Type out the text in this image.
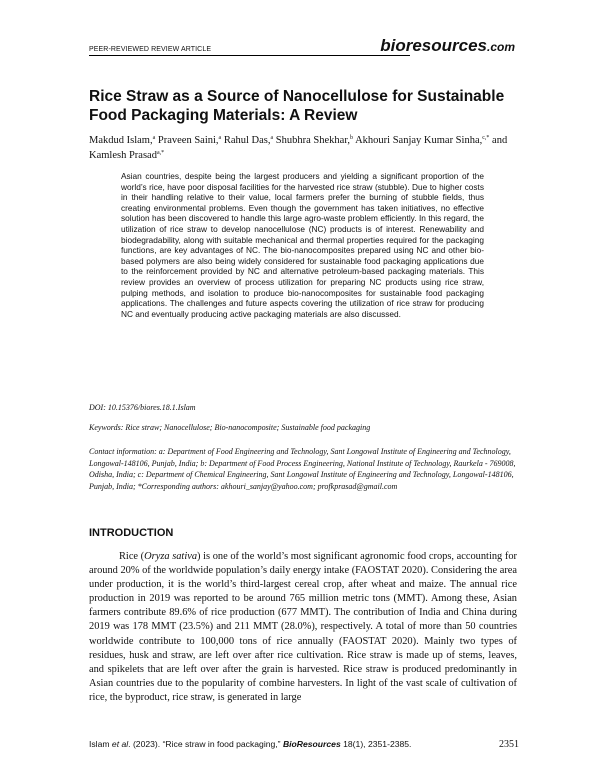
PEER-REVIEWED REVIEW ARTICLE	bioresources.com
Rice Straw as a Source of Nanocellulose for Sustainable Food Packaging Materials: A Review

Makdud Islam,$^a$ Praveen Saini,$^a$ Rahul Das,$^a$ Shubhra Shekhar,$^b$ Akhouri Sanjay Kumar Sinha,$^{c,*}$ and Kamlesh Prasad$^{a,*}$

Asian countries, despite being the largest producers and yielding a significant proportion of the world’s rice, have poor disposal facilities for the harvested rice straw (stubble). Due to higher costs in their handling relative to their value, local farmers prefer the burning of stubble fields, thus creating environmental problems. Even though the government has taken initiatives, no effective solution has been discovered to handle this large agro-waste problem efficiently. In this regard, the utilization of rice straw to develop nanocellulose (NC) products is of interest. Renewability and biodegradability, along with suitable mechanical and thermal properties required for the packaging functions, are key advantages of NC. The bio-nanocomposites prepared using NC and other bio-based polymers are also being widely considered for sustainable food packaging applications due to the reinforcement provided by NC and alternative petroleum-based packaging materials. This review provides an overview of process utilization for preparing NC products using rice straw, pulping methods, and isolation to produce bio-nanocomposites for sustainable food packaging applications. The challenges and future aspects covering the utilization of rice straw for producing NC and eventually producing active packaging materials are also discussed.

DOI: 10.15376/biores.18.1.Islam

Keywords: Rice straw; Nanocellulose; Bio-nanocomposite; Sustainable food packaging

Contact information: a: Department of Food Engineering and Technology, Sant Longowal Institute of Engineering and Technology, Longowal-148106, Punjab, India; b: Department of Food Process Engineering, National Institute of Technology, Raurkela - 769008, Odisha, India; c: Department of Chemical Engineering, Sant Longowal Institute of Engineering and Technology, Longowal-148106, Punjab, India; *Corresponding authors: akhouri_sanjay@yahoo.com; profkprasad@gmail.com

INTRODUCTION

Rice (Oryza sativa) is one of the world’s most significant agronomic food crops, accounting for around 20% of the worldwide population’s daily energy intake (FAOSTAT 2020). Considering the area under production, it is the world’s third-largest cereal crop, after wheat and maize. The annual rice production in 2019 was reported to be around 765 million metric tons (MMT). Among these, Asian farmers contribute 89.6% of rice production (677 MMT). The contribution of India and China during 2019 was 178 MMT (23.5%) and 211 MMT (28.0%), respectively. A total of more than 50 countries worldwide contribute to 100,000 tons of rice annually (FAOSTAT 2020). Mainly two types of residues, husk and straw, are left over after rice cultivation. Rice straw is made up of stems, leaves, and spikelets that are left over after the grain is harvested. Rice straw is produced predominantly in Asian countries due to the popularity of combine harvesters. In light of the vast scale of cultivation of rice, the byproduct, rice straw, is generated in large

Islam et al. (2023). “Rice straw in food packaging,” BioResources 18(1), 2351-2385.	2351
